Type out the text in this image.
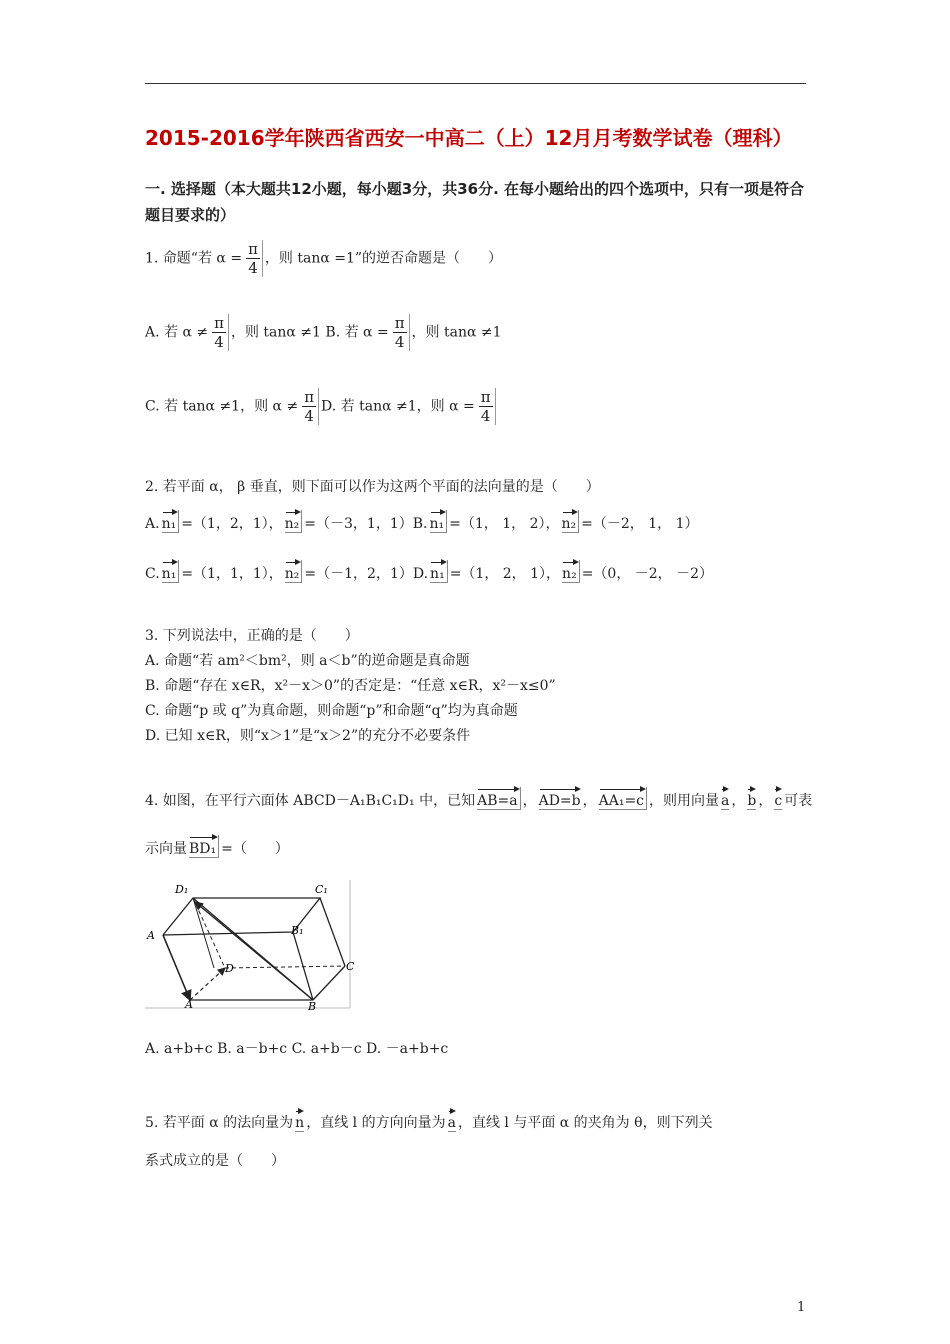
2015-2016学年陕西省西安一中高二（上）12月月考数学试卷（理科）
一. 选择题（本大题共12小题，每小题3分，共36分. 在每小题给出的四个选项中，只有一项是符合题目要求的）
1. 命题“若 $\alpha = \frac{\pi}{4}$ ，则 tanα =1”的逆否命题是（　　）
A. 若 $\alpha \ne \frac{\pi}{4}$ ，则 tanα ≠1 B. 若 $\alpha = \frac{\pi}{4}$ ，则 tanα ≠1
C. 若 tanα ≠1，则 $\alpha \ne \frac{\pi}{4} D$. 若 tanα ≠1，则 $\alpha = \frac{\pi}{4}$
2. 若平面 α， β 垂直，则下面可以作为这两个平面的法向量的是（　　）
A. n₁ =（1，2，1）， n₂ =（－3，1，1）B. n₁ =（1， 1， 2）， n₂ =（－2， 1， 1）
C. n₁ =（1，1，1）， n₂ =（－1，2，1）D. n₁ =（1， 2， 1）， n₂ =（0， －2， －2）
3. 下列说法中，正确的是（　　）
A. 命题“若 am²＜bm²，则 a＜b”的逆命题是真命题
B. 命题“存在 x∈R，x²－x＞0”的否定是：“任意 x∈R，x²－x≤0”
C. 命题“p 或 q”为真命题，则命题“p”和命题“q”均为真命题
D. 已知 x∈R，则“x＞1”是“x＞2”的充分不必要条件
4. 如图，在平行六面体 ABCD－A₁B₁C₁D₁ 中，已知 AB=a ， AD=b ， AA₁=c ，则用向量 a ， b ， c 可表
示向量 BD₁ =（　　）
D₁	C₁
A	B₁
D	C
A	B
A. a+b+c B. a－b+c C. a+b－c D. －a+b+c
5. 若平面 α 的法向量为 n ，直线 l 的方向向量为 a ，直线 l 与平面 α 的夹角为 θ，则下列关
系式成立的是（　　）
1
